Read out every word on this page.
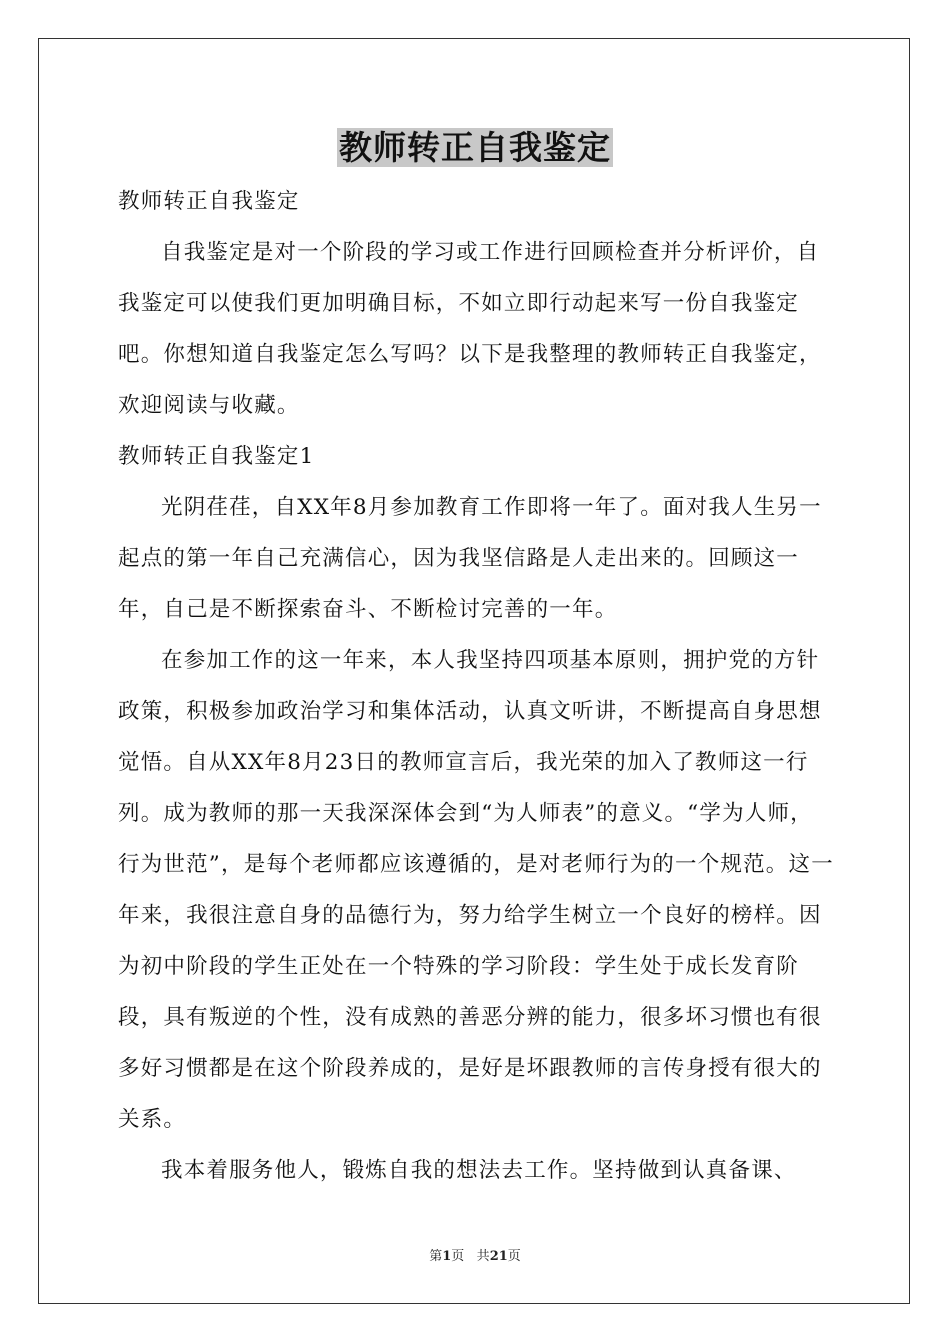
教师转正自我鉴定

教师转正自我鉴定

自我鉴定是对一个阶段的学习或工作进行回顾检查并分析评价，自我鉴定可以使我们更加明确目标，不如立即行动起来写一份自我鉴定吧。你想知道自我鉴定怎么写吗？以下是我整理的教师转正自我鉴定，欢迎阅读与收藏。

教师转正自我鉴定1

光阴荏荏，自XX年8月参加教育工作即将一年了。面对我人生另一起点的第一年自己充满信心，因为我坚信路是人走出来的。回顾这一年，自己是不断探索奋斗、不断检讨完善的一年。

在参加工作的这一年来，本人我坚持四项基本原则，拥护党的方针政策，积极参加政治学习和集体活动，认真文听讲，不断提高自身思想觉悟。自从XX年8月23日的教师宣言后，我光荣的加入了教师这一行列。成为教师的那一天我深深体会到“为人师表”的意义。“学为人师，行为世范”，是每个老师都应该遵循的，是对老师行为的一个规范。这一年来，我很注意自身的品德行为，努力给学生树立一个良好的榜样。因为初中阶段的学生正处在一个特殊的学习阶段：学生处于成长发育阶段，具有叛逆的个性，没有成熟的善恶分辨的能力，很多坏习惯也有很多好习惯都是在这个阶段养成的，是好是坏跟教师的言传身授有很大的关系。

我本着服务他人，锻炼自我的想法去工作。坚持做到认真备课、

第1页 共21页
